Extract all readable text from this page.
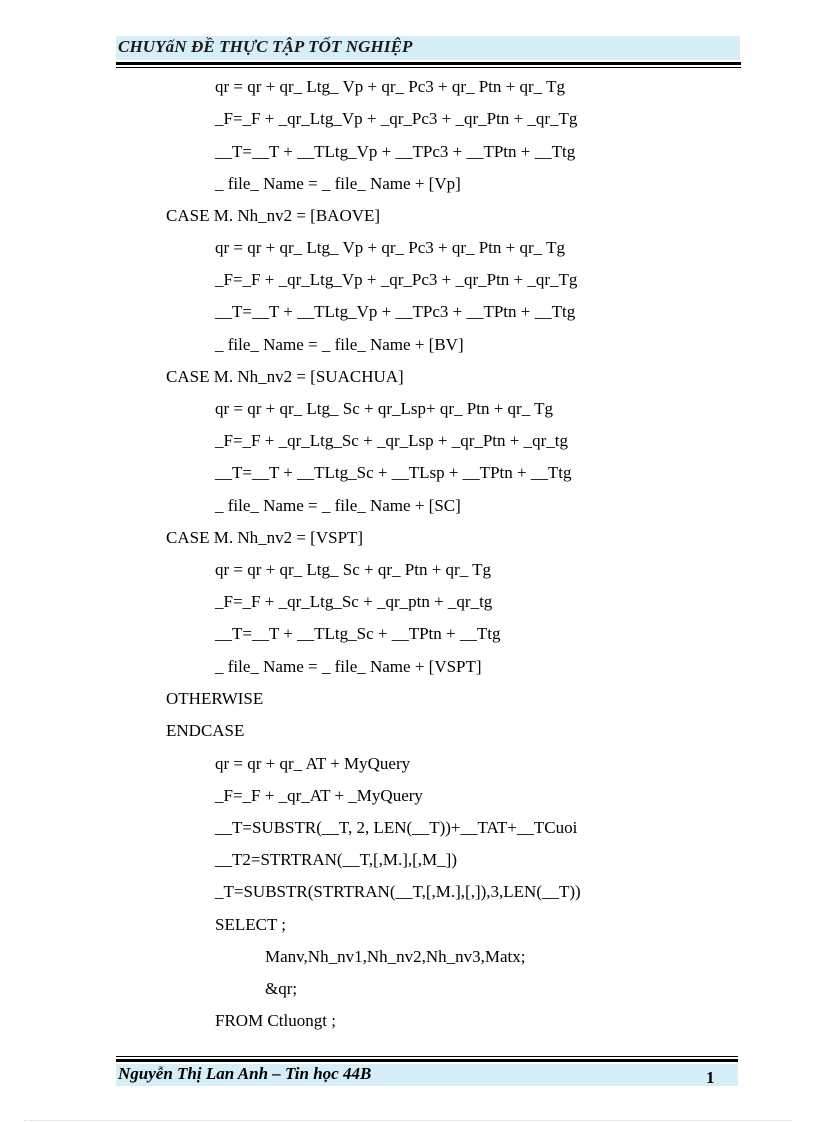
CHUYấN ĐỀ THỰC TẬP TỐT NGHIỆP
qr = qr + qr_ Ltg_ Vp + qr_ Pc3 + qr_ Ptn + qr_ Tg
_F=_F + _qr_Ltg_Vp + _qr_Pc3 + _qr_Ptn + _qr_Tg
__T=__T + __TLtg_Vp + __TPc3 + __TPtn + __Ttg
_ file_ Name = _ file_ Name + [Vp]
CASE M. Nh_nv2 = [BAOVE]
qr = qr + qr_ Ltg_ Vp + qr_ Pc3 + qr_ Ptn + qr_ Tg
_F=_F + _qr_Ltg_Vp + _qr_Pc3 + _qr_Ptn + _qr_Tg
__T=__T + __TLtg_Vp + __TPc3 + __TPtn + __Ttg
_ file_ Name = _ file_ Name + [BV]
CASE M. Nh_nv2 = [SUACHUA]
qr = qr + qr_ Ltg_ Sc + qr_Lsp+ qr_ Ptn + qr_ Tg
_F=_F + _qr_Ltg_Sc + _qr_Lsp + _qr_Ptn + _qr_tg
__T=__T + __TLtg_Sc + __TLsp + __TPtn + __Ttg
_ file_ Name = _ file_ Name + [SC]
CASE M. Nh_nv2 = [VSPT]
qr = qr + qr_ Ltg_ Sc + qr_ Ptn + qr_ Tg
_F=_F + _qr_Ltg_Sc + _qr_ptn + _qr_tg
__T=__T + __TLtg_Sc + __TPtn + __Ttg
_ file_ Name = _ file_ Name + [VSPT]
OTHERWISE
ENDCASE
qr = qr + qr_ AT + MyQuery
_F=_F + _qr_AT + _MyQuery
__T=SUBSTR(__T, 2, LEN(__T))+__TAT+__TCuoi
__T2=STRTRAN(__T,[,M.],[,M_])
_T=SUBSTR(STRTRAN(__T,[,M.],[,]),3,LEN(__T))
SELECT ;
Manv,Nh_nv1,Nh_nv2,Nh_nv3,Matx;
&qr;
FROM Ctluongt ;
Nguyễn Thị Lan Anh – Tin học 44B	1
